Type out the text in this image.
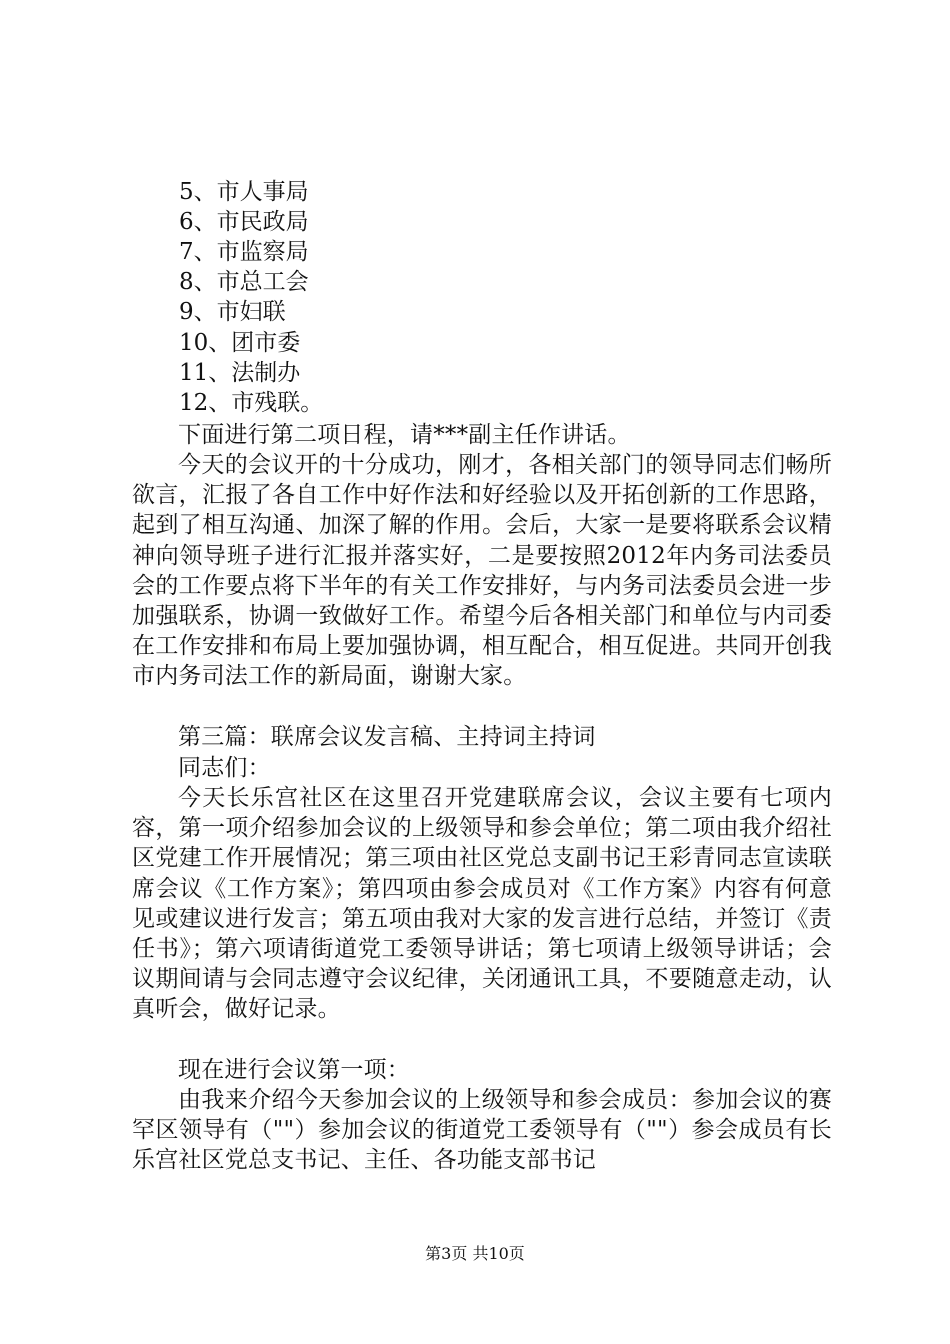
5、市人事局
6、市民政局
7、市监察局
8、市总工会
9、市妇联
10、团市委
11、法制办
12、市残联。

下面进行第二项日程，请***副主任作讲话。

今天的会议开的十分成功，刚才，各相关部门的领导同志们畅所欲言，汇报了各自工作中好作法和好经验以及开拓创新的工作思路，起到了相互沟通、加深了解的作用。会后，大家一是要将联系会议精神向领导班子进行汇报并落实好，二是要按照2012年内务司法委员会的工作要点将下半年的有关工作安排好，与内务司法委员会进一步加强联系，协调一致做好工作。希望今后各相关部门和单位与内司委在工作安排和布局上要加强协调，相互配合，相互促进。共同开创我市内务司法工作的新局面，谢谢大家。

第三篇：联席会议发言稿、主持词主持词

同志们：

今天长乐宫社区在这里召开党建联席会议，会议主要有七项内容，第一项介绍参加会议的上级领导和参会单位；第二项由我介绍社区党建工作开展情况；第三项由社区党总支副书记王彩青同志宣读联席会议《工作方案》；第四项由参会成员对《工作方案》内容有何意见或建议进行发言；第五项由我对大家的发言进行总结，并签订《责任书》；第六项请街道党工委领导讲话；第七项请上级领导讲话；会议期间请与会同志遵守会议纪律，关闭通讯工具，不要随意走动，认真听会，做好记录。

现在进行会议第一项：

由我来介绍今天参加会议的上级领导和参会成员：参加会议的赛罕区领导有（""）参加会议的街道党工委领导有（""）参会成员有长乐宫社区党总支书记、主任、各功能支部书记

第3页 共10页
